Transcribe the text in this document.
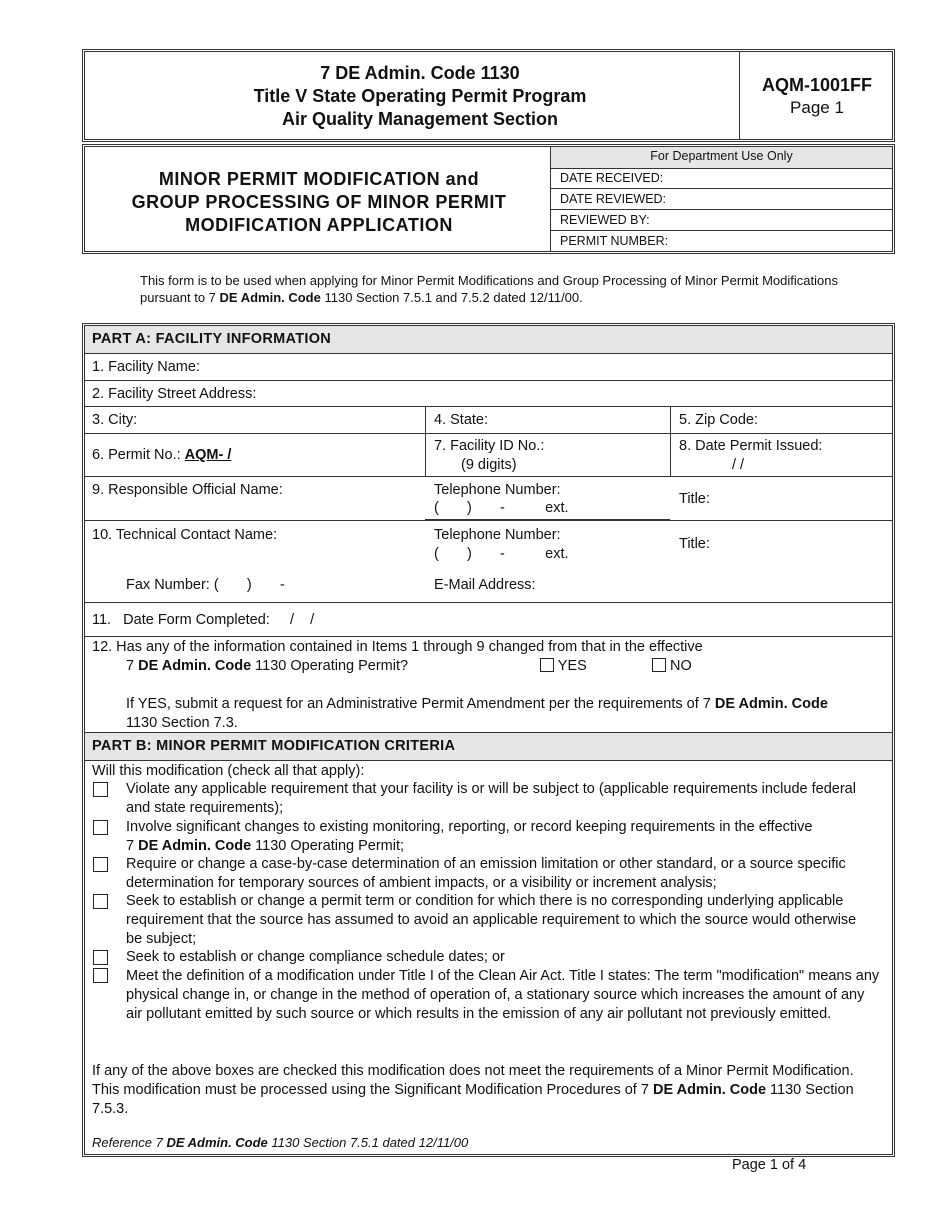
7 DE Admin. Code 1130
Title V State Operating Permit Program
Air Quality Management Section
AQM-1001FF
Page 1
MINOR PERMIT MODIFICATION and
GROUP PROCESSING OF MINOR PERMIT
MODIFICATION APPLICATION
For Department Use Only
DATE RECEIVED:
DATE REVIEWED:
REVIEWED BY:
PERMIT NUMBER:
This form is to be used when applying for Minor Permit Modifications and Group Processing of Minor Permit Modifications pursuant to 7 DE Admin. Code 1130 Section 7.5.1 and 7.5.2 dated 12/11/00.
PART A: FACILITY INFORMATION
1. Facility Name:
2. Facility Street Address:
3. City:	4. State:	5. Zip Code:
6. Permit No.: AQM- /
7. Facility ID No.:
(9 digits)
8. Date Permit Issued:
/ /
9. Responsible Official Name:	Telephone Number:
(       )       -          ext.
Title:
10. Technical Contact Name:	Telephone Number:
(       )       -          ext.
Title:
Fax Number: (       )       -	E-Mail Address:
11.   Date Form Completed:     /    /
12. Has any of the information contained in Items 1 through 9 changed from that in the effective
7 DE Admin. Code 1130 Operating Permit?	YES	NO
If YES, submit a request for an Administrative Permit Amendment per the requirements of 7 DE Admin. Code
1130 Section 7.3.
PART B: MINOR PERMIT MODIFICATION CRITERIA
Will this modification (check all that apply):
Violate any applicable requirement that your facility is or will be subject to (applicable requirements include federal and state requirements);
Involve significant changes to existing monitoring, reporting, or record keeping requirements in the effective
7 DE Admin. Code 1130 Operating Permit;
Require or change a case-by-case determination of an emission limitation or other standard, or a source specific determination for temporary sources of ambient impacts, or a visibility or increment analysis;
Seek to establish or change a permit term or condition for which there is no corresponding underlying applicable requirement that the source has assumed to avoid an applicable requirement to which the source would otherwise be subject;
Seek to establish or change compliance schedule dates; or
Meet the definition of a modification under Title I of the Clean Air Act. Title I states: The term "modification" means any physical change in, or change in the method of operation of, a stationary source which increases the amount of any air pollutant emitted by such source or which results in the emission of any air pollutant not previously emitted.
If any of the above boxes are checked this modification does not meet the requirements of a Minor Permit Modification. This modification must be processed using the Significant Modification Procedures of 7 DE Admin. Code 1130 Section 7.5.3.
Reference 7 DE Admin. Code 1130 Section 7.5.1 dated 12/11/00
Page 1 of 4
